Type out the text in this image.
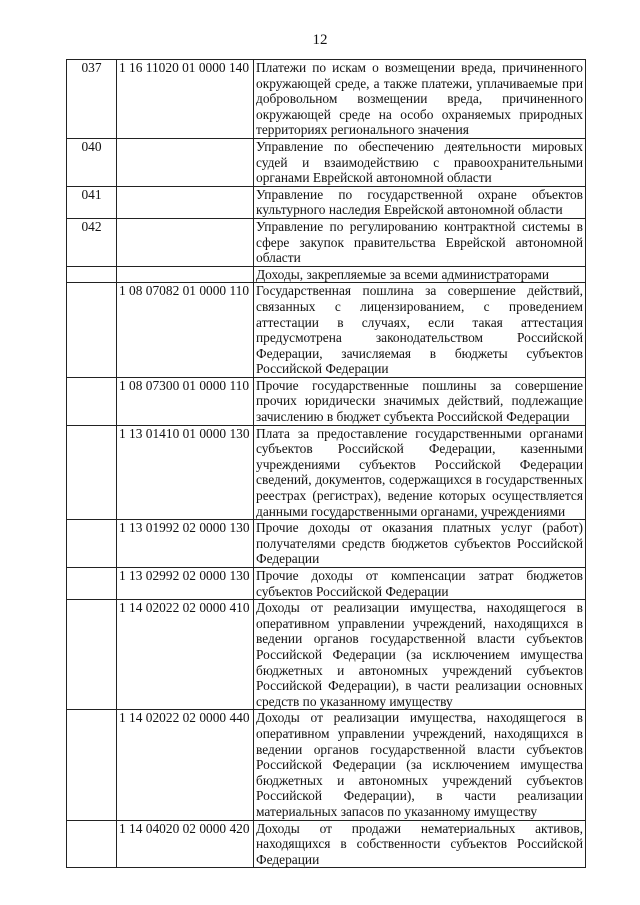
12
037	1 16 11020 01 0000 140	Платежи по искам о возмещении вреда, причиненного окружающей среде, а также платежи, уплачиваемые при добровольном возмещении вреда, причиненного окружающей среде на особо охраняемых природных территориях регионального значения
040		Управление по обеспечению деятельности мировых судей и взаимодействию с правоохранительными органами Еврейской автономной области
041		Управление по государственной охране объектов культурного наследия Еврейской автономной области
042		Управление по регулированию контрактной системы в сфере закупок правительства Еврейской автономной области
		Доходы, закрепляемые за всеми администраторами
	1 08 07082 01 0000 110	Государственная пошлина за совершение действий, связанных с лицензированием, с проведением аттестации в случаях, если такая аттестация предусмотрена законодательством Российской Федерации, зачисляемая в бюджеты субъектов Российской Федерации
	1 08 07300 01 0000 110	Прочие государственные пошлины за совершение прочих юридически значимых действий, подлежащие зачислению в бюджет субъекта Российской Федерации
	1 13 01410 01 0000 130	Плата за предоставление государственными органами субъектов Российской Федерации, казенными учреждениями субъектов Российской Федерации сведений, документов, содержащихся в государственных реестрах (регистрах), ведение которых осуществляется данными государственными органами, учреждениями
	1 13 01992 02 0000 130	Прочие доходы от оказания платных услуг (работ) получателями средств бюджетов субъектов Российской Федерации
	1 13 02992 02 0000 130	Прочие доходы от компенсации затрат бюджетов субъектов Российской Федерации
	1 14 02022 02 0000 410	Доходы от реализации имущества, находящегося в оперативном управлении учреждений, находящихся в ведении органов государственной власти субъектов Российской Федерации (за исключением имущества бюджетных и автономных учреждений субъектов Российской Федерации), в части реализации основных средств по указанному имуществу
	1 14 02022 02 0000 440	Доходы от реализации имущества, находящегося в оперативном управлении учреждений, находящихся в ведении органов государственной власти субъектов Российской Федерации (за исключением имущества бюджетных и автономных учреждений субъектов Российской Федерации), в части реализации материальных запасов по указанному имуществу
	1 14 04020 02 0000 420	Доходы от продажи нематериальных активов, находящихся в собственности субъектов Российской Федерации
